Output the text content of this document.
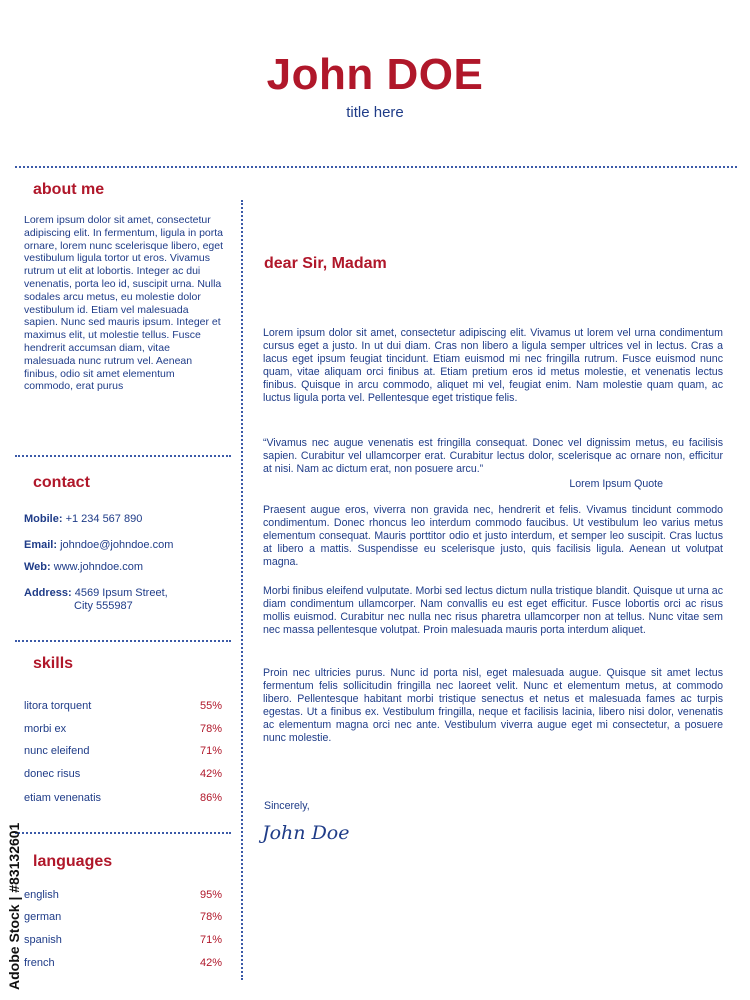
John DOE
title here
about me
Lorem ipsum dolor sit amet, consectetur adipiscing elit. In fermentum, ligula in porta ornare, lorem nunc scelerisque libero, eget vestibulum ligula tortor ut eros. Vivamus rutrum ut elit at lobortis. Integer ac dui venenatis, porta leo id, suscipit urna. Nulla sodales arcu metus, eu molestie dolor vestibulum id. Etiam vel malesuada sapien. Nunc sed mauris ipsum. Integer et maximus elit, ut molestie tellus. Fusce hendrerit accumsan diam, vitae malesuada nunc rutrum vel. Aenean finibus, odio sit amet elementum commodo, erat purus
contact
Mobile: +1 234 567 890
Email: johndoe@johndoe.com
Web: www.johndoe.com
Address: 4569 Ipsum Street,
City 555987
skills
litora torquent	55%
morbi ex	78%
nunc eleifend	71%
donec risus	42%
etiam venenatis	86%
languages
english	95%
german	78%
spanish	71%
french	42%
dear Sir, Madam
Lorem ipsum dolor sit amet, consectetur adipiscing elit. Vivamus ut lorem vel urna condimentum cursus eget a justo. In ut dui diam. Cras non libero a ligula semper ultrices vel in lectus. Cras a lacus eget ipsum feugiat tincidunt. Etiam euismod mi nec fringilla rutrum. Fusce euismod nunc quam, vitae aliquam orci finibus at. Etiam pretium eros id metus molestie, et venenatis lectus finibus. Quisque in arcu commodo, aliquet mi vel, feugiat enim. Nam molestie quam quam, ac luctus ligula porta vel. Pellentesque eget tristique felis.
“Vivamus nec augue venenatis est fringilla consequat. Donec vel dignissim metus, eu facilisis sapien. Curabitur vel ullamcorper erat. Curabitur lectus dolor, scelerisque ac ornare non, efficitur at nisi. Nam ac dictum erat, non posuere arcu.”
Lorem Ipsum Quote
Praesent augue eros, viverra non gravida nec, hendrerit et felis. Vivamus tincidunt commodo condimentum. Donec rhoncus leo interdum commodo faucibus. Ut vestibulum leo varius metus elementum consequat. Mauris porttitor odio et justo interdum, et semper leo suscipit. Cras luctus at libero a mattis. Suspendisse eu scelerisque justo, quis facilisis ligula. Aenean ut volutpat magna.
Morbi finibus eleifend vulputate. Morbi sed lectus dictum nulla tristique blandit. Quisque ut urna ac diam condimentum ullamcorper. Nam convallis eu est eget efficitur. Fusce lobortis orci ac risus mollis euismod. Curabitur nec nulla nec risus pharetra ullamcorper non at tellus. Nunc vitae sem nec massa pellentesque volutpat. Proin malesuada mauris porta interdum aliquet.
Proin nec ultricies purus. Nunc id porta nisl, eget malesuada augue. Quisque sit amet lectus fermentum felis sollicitudin fringilla nec laoreet velit. Nunc et elementum metus, at commodo libero. Pellentesque habitant morbi tristique senectus et netus et malesuada fames ac turpis egestas. Ut a finibus ex. Vestibulum fringilla, neque et facilisis lacinia, libero nisi dolor, venenatis ac elementum magna orci nec ante. Vestibulum viverra augue eget mi consectetur, a posuere nunc molestie.
Sincerely,
John Doe
Adobe Stock | #83132601
